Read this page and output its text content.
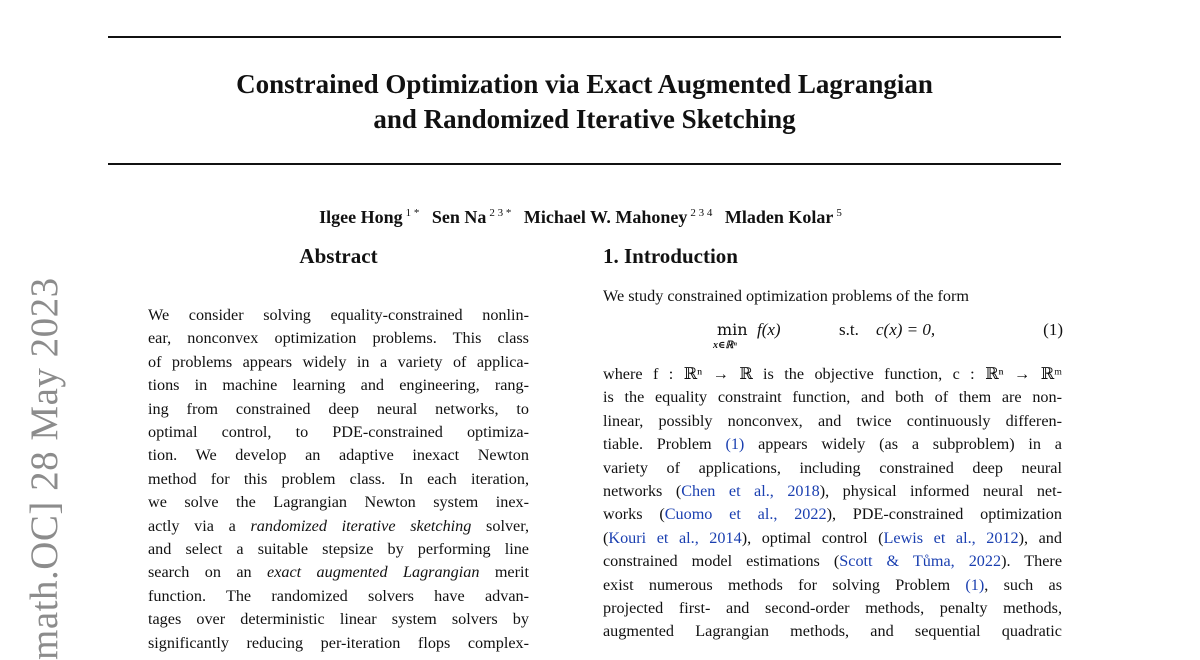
Constrained Optimization via Exact Augmented Lagrangian
and Randomized Iterative Sketching
Ilgee Hong $^{1 *}$ Sen Na $^{2 3 *}$ Michael W. Mahoney $^{2 3 4}$ Mladen Kolar $^5$
math.OC] 28 May 2023
Abstract
We consider solving equality-constrained nonlin-
ear, nonconvex optimization problems. This class
of problems appears widely in a variety of applica-
tions in machine learning and engineering, rang-
ing from constrained deep neural networks, to
optimal control, to PDE-constrained optimiza-
tion. We develop an adaptive inexact Newton
method for this problem class. In each iteration,
we solve the Lagrangian Newton system inex-
actly via a randomized iterative sketching solver,
and select a suitable stepsize by performing line
search on an exact augmented Lagrangian merit
function. The randomized solvers have advan-
tages over deterministic linear system solvers by
significantly reducing per-iteration flops complex-
1. Introduction
We study constrained optimization problems of the form
min
x∈ℝⁿ
f(x)	s.t. c(x) = 0,	(1)
where f : ℝⁿ → ℝ is the objective function, c : ℝⁿ → ℝᵐ
is the equality constraint function, and both of them are non-
linear, possibly nonconvex, and twice continuously differen-
tiable. Problem (1) appears widely (as a subproblem) in a
variety of applications, including constrained deep neural
networks (Chen et al., 2018), physical informed neural net-
works (Cuomo et al., 2022), PDE-constrained optimization
(Kouri et al., 2014), optimal control (Lewis et al., 2012), and
constrained model estimations (Scott & Tůma, 2022). There
exist numerous methods for solving Problem (1), such as
projected first- and second-order methods, penalty methods,
augmented Lagrangian methods, and sequential quadratic
